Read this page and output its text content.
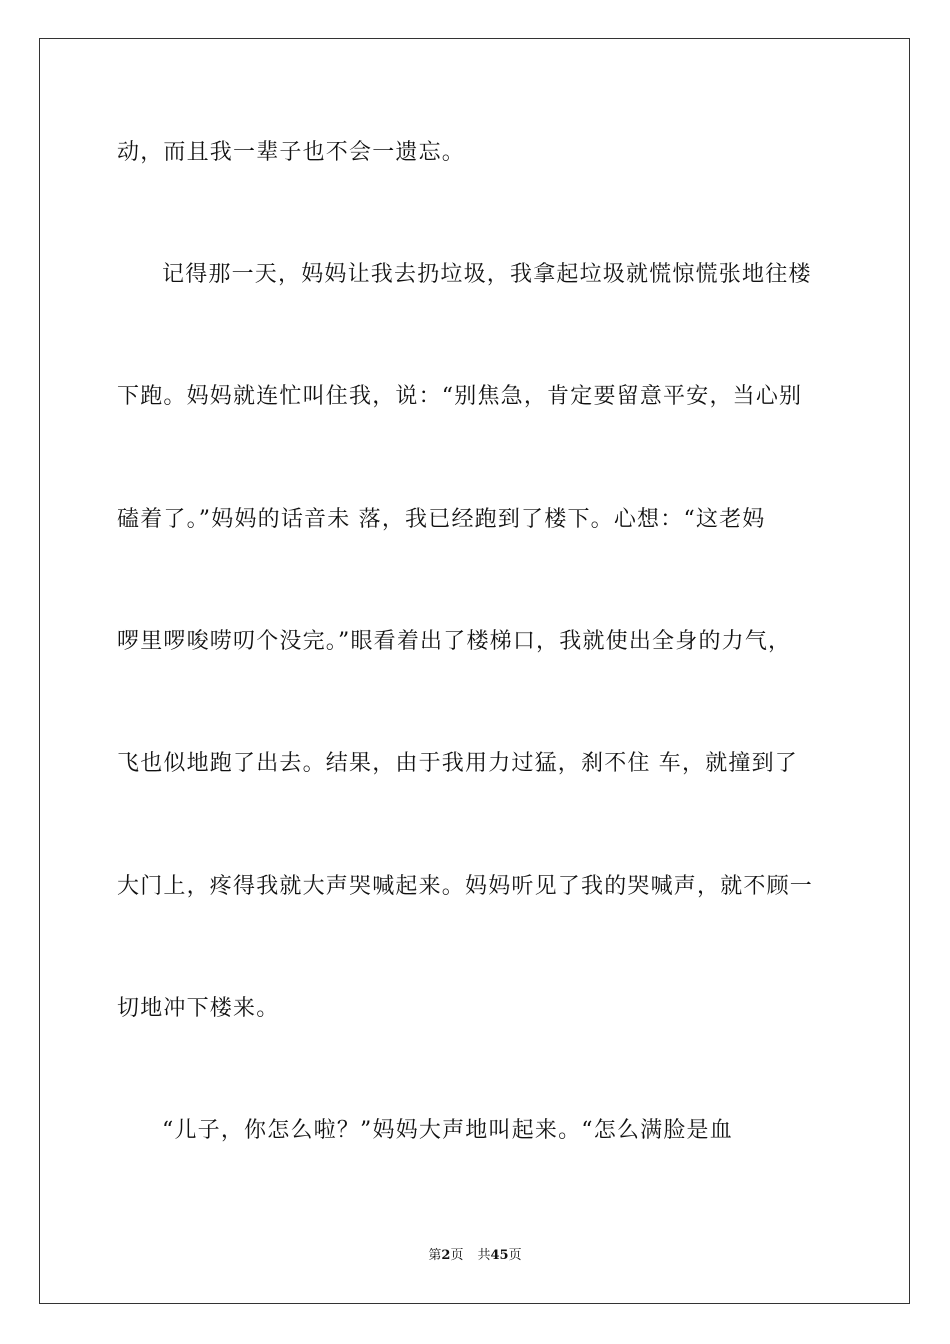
动，而且我一辈子也不会一遗忘。
记得那一天，妈妈让我去扔垃圾，我拿起垃圾就慌惊慌张地往楼
下跑。妈妈就连忙叫住我，说：“别焦急，肯定要留意平安，当心别
磕着了。”妈妈的话音未 落，我已经跑到了楼下。心想：“这老妈
啰里啰唆唠叨个没完。”眼看着出了楼梯口，我就使出全身的力气，
飞也似地跑了出去。结果，由于我用力过猛，刹不住 车，就撞到了
大门上，疼得我就大声哭喊起来。妈妈听见了我的哭喊声，就不顾一
切地冲下楼来。
“儿子，你怎么啦？”妈妈大声地叫起来。“怎么满脸是血
第2页 共45页
